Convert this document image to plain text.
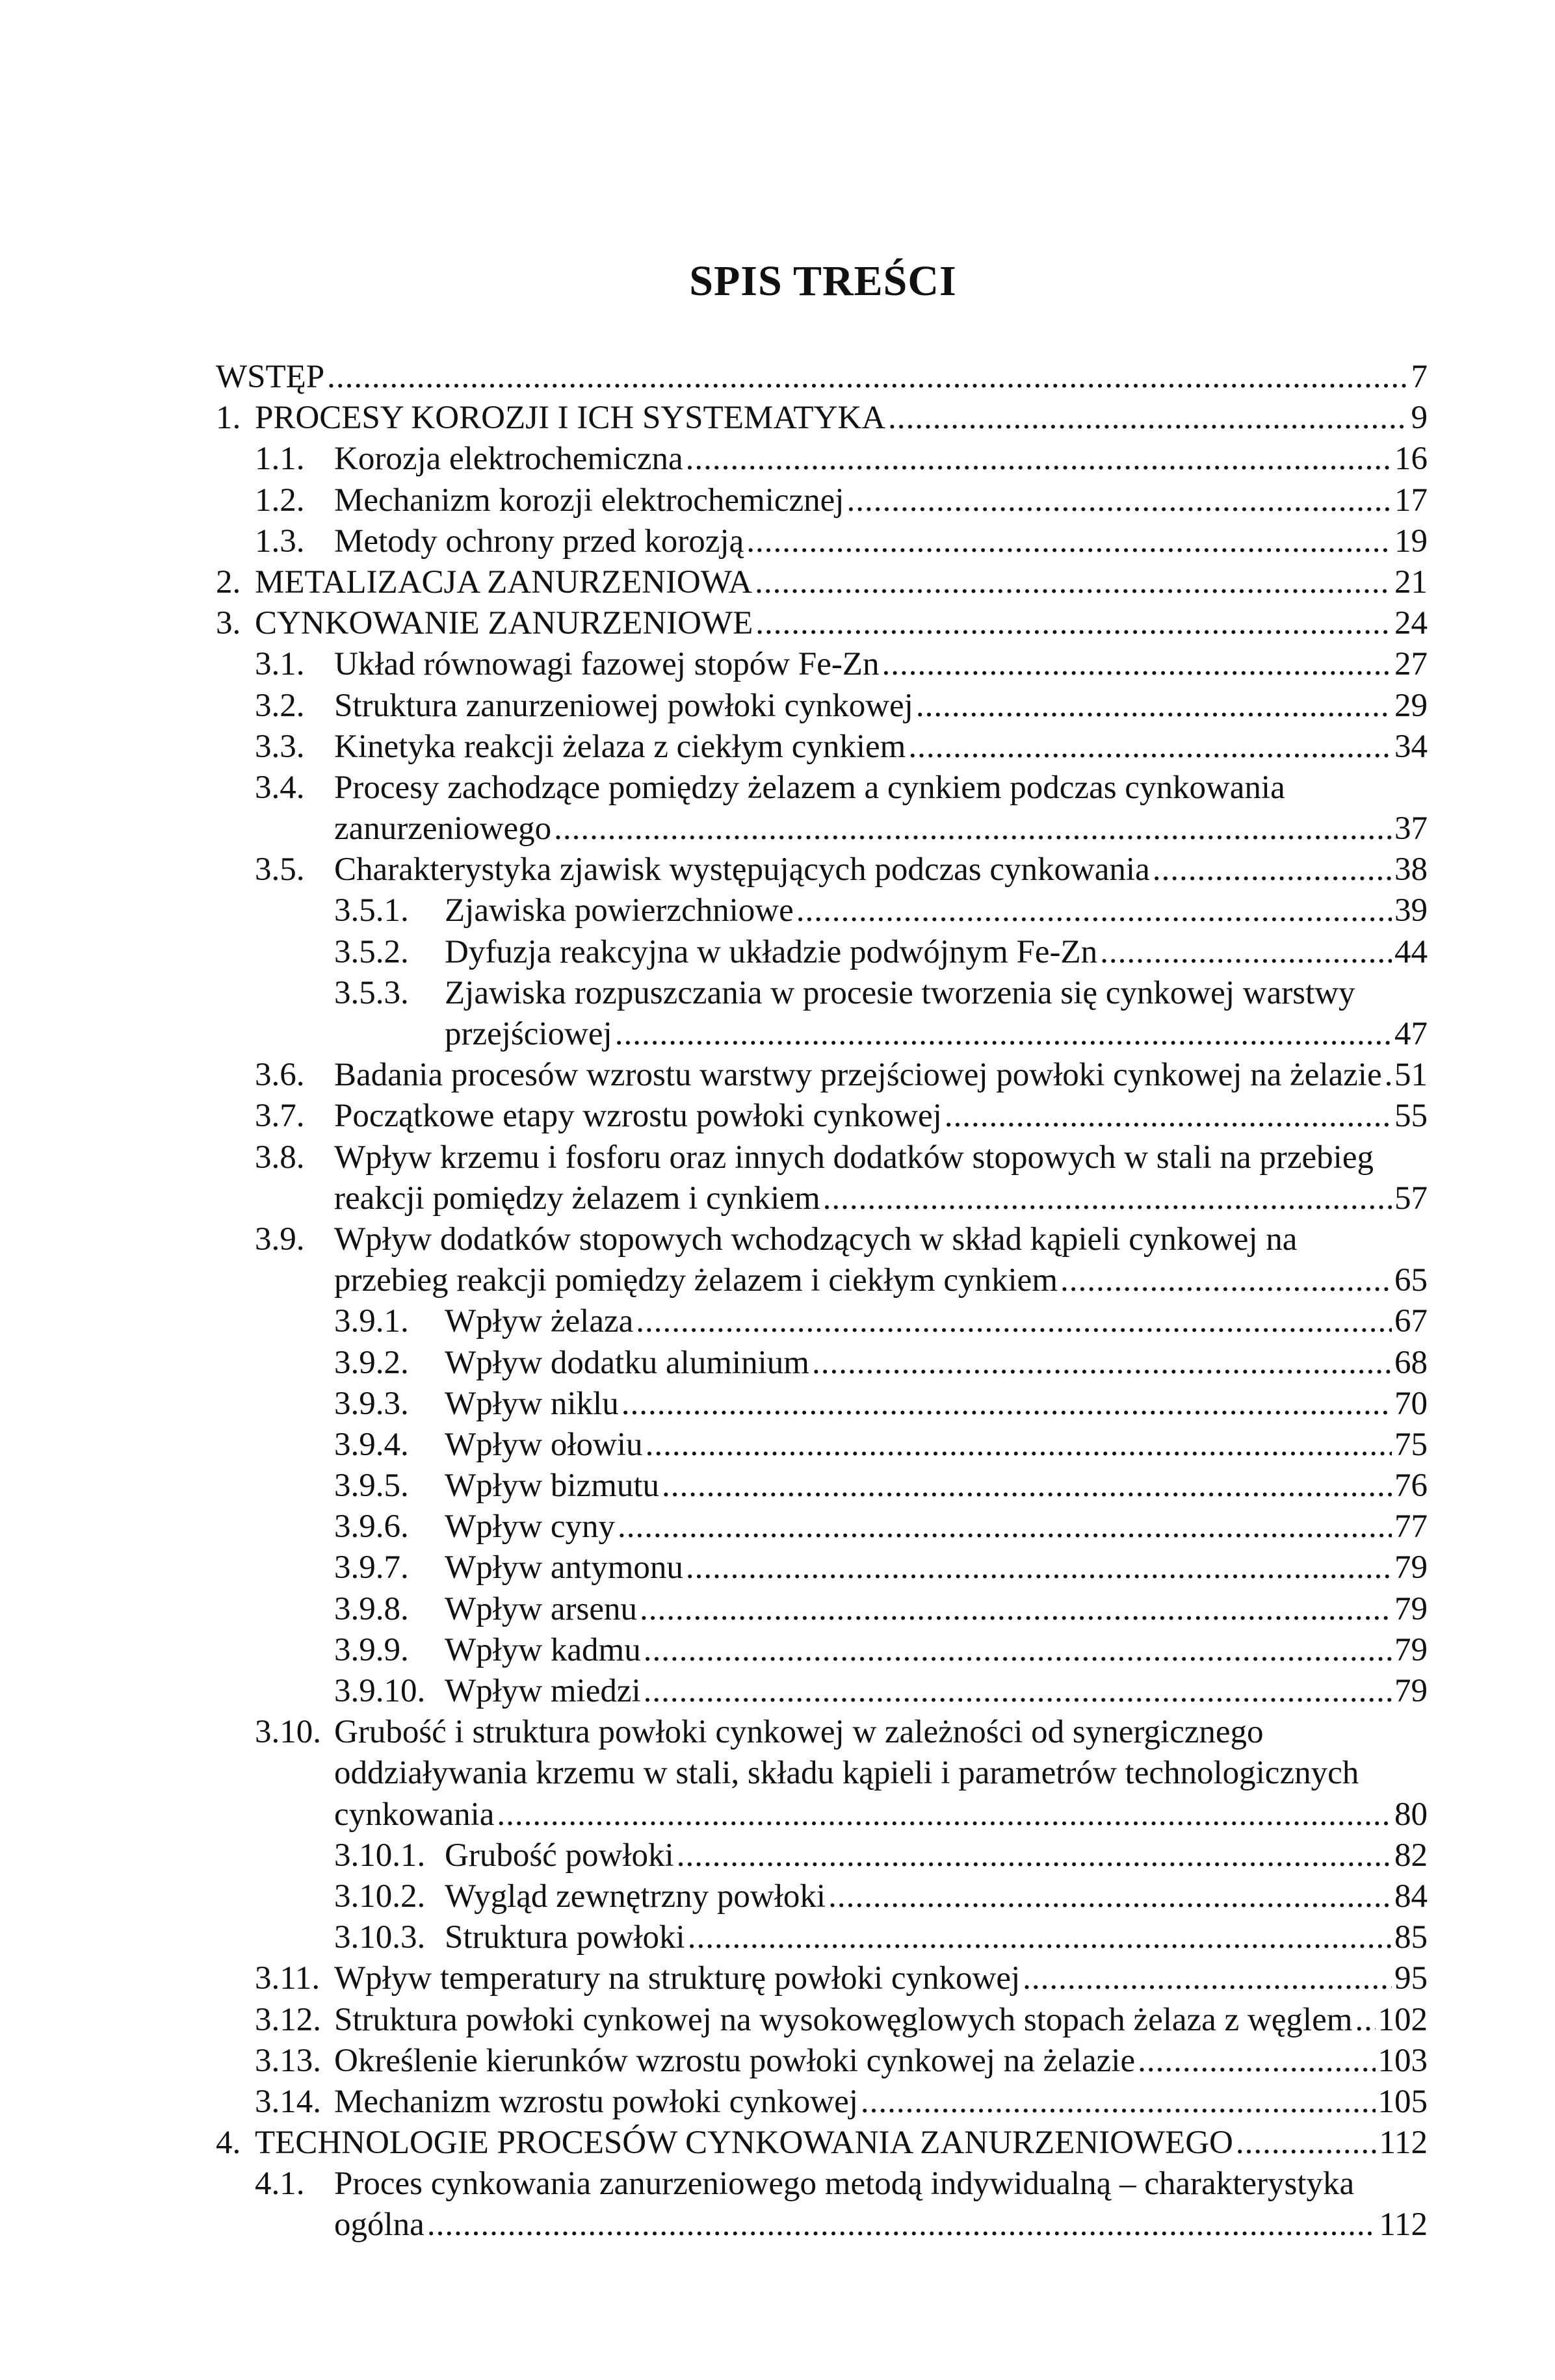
SPIS TREŚCI
WSTĘP .....	7
1. PROCESY KOROZJI I ICH SYSTEMATYKA .....	9
1.1. Korozja elektrochemiczna .....	16
1.2. Mechanizm korozji elektrochemicznej .....	17
1.3. Metody ochrony przed korozją .....	19
2. METALIZACJA ZANURZENIOWA .....	21
3. CYNKOWANIE ZANURZENIOWE .....	24
3.1. Układ równowagi fazowej stopów Fe-Zn .....	27
3.2. Struktura zanurzeniowej powłoki cynkowej .....	29
3.3. Kinetyka reakcji żelaza z ciekłym cynkiem .....	34
3.4. Procesy zachodzące pomiędzy żelazem a cynkiem podczas cynkowania
zanurzeniowego .....	37
3.5. Charakterystyka zjawisk występujących podczas cynkowania .....	38
3.5.1. Zjawiska powierzchniowe .....	39
3.5.2. Dyfuzja reakcyjna w układzie podwójnym Fe-Zn .....	44
3.5.3. Zjawiska rozpuszczania w procesie tworzenia się cynkowej warstwy
przejściowej .....	47
3.6. Badania procesów wzrostu warstwy przejściowej powłoki cynkowej na żelazie ..... 51
3.7. Początkowe etapy wzrostu powłoki cynkowej .....	55
3.8. Wpływ krzemu i fosforu oraz innych dodatków stopowych w stali na przebieg
reakcji pomiędzy żelazem i cynkiem .....	57
3.9. Wpływ dodatków stopowych wchodzących w skład kąpieli cynkowej na
przebieg reakcji pomiędzy żelazem i ciekłym cynkiem .....	65
3.9.1. Wpływ żelaza .....	67
3.9.2. Wpływ dodatku aluminium .....	68
3.9.3. Wpływ niklu .....	70
3.9.4. Wpływ ołowiu .....	75
3.9.5. Wpływ bizmutu .....	76
3.9.6. Wpływ cyny .....	77
3.9.7. Wpływ antymonu .....	79
3.9.8. Wpływ arsenu .....	79
3.9.9. Wpływ kadmu .....	79
3.9.10. Wpływ miedzi .....	79
3.10. Grubość i struktura powłoki cynkowej w zależności od synergicznego
oddziaływania krzemu w stali, składu kąpieli i parametrów technologicznych
cynkowania .....	80
3.10.1. Grubość powłoki .....	82
3.10.2. Wygląd zewnętrzny powłoki .....	84
3.10.3. Struktura powłoki .....	85
3.11. Wpływ temperatury na strukturę powłoki cynkowej .....	95
3.12. Struktura powłoki cynkowej na wysokowęglowych stopach żelaza z węglem ..... 102
3.13. Określenie kierunków wzrostu powłoki cynkowej na żelazie .....	103
3.14. Mechanizm wzrostu powłoki cynkowej .....	105
4. TECHNOLOGIE PROCESÓW CYNKOWANIA ZANURZENIOWEGO .....	112
4.1. Proces cynkowania zanurzeniowego metodą indywidualną – charakterystyka
ogólna .....	112
